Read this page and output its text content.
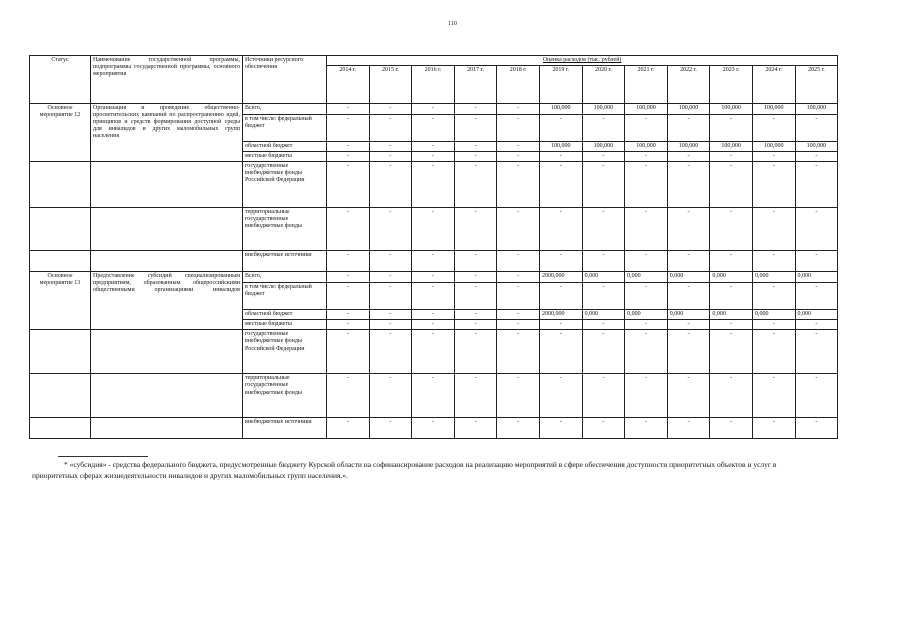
110
Статус	Наименование государственной программы, подпрограммы государственной программы, основного мероприятия	Источники ресурсного обеспечения	Оценка расходов (тыс. рублей)											
			2014 г.	2015 г.	2016 г.	2017 г.	2018 г.	2019 г.	2020 г.	2021 г.	2022 г.	2023 г.	2024 г.	2025 г.
Основное мероприятие 12	Организация и проведение общественно-просветительских кампаний по распространению идей, принципов и средств формирования доступной среды для инвалидов и других маломобильных групп населения	Всего,	-	-	-	-	-	100,000	100,000	100,000	100,000	100,000	100,000	100,000
		в том числе: федеральный бюджет	-	-	-	-	-	-	-	-	-	-	-	-
		областной бюджет	-	-	-	-	-	100,000	100,000	100,000	100,000	100,000	100,000	100,000
		местные бюджеты	-	-	-	-	-	-	-	-	-	-	-	-
		государственные внебюджетные фонды Российской Федерации	-	-	-	-	-	-	-	-	-	-	-	-
		территориальные государственные внебюджетные фонды	-	-	-	-	-	-	-	-	-	-	-	-
		внебюджетные источники	-	-	-	-	-	-	-	-	-	-	-	-
Основное мероприятие 13	Предоставление субсидий специализированным предприятиям, образованным общероссийскими общественными организациями инвалидов	Всего,	-	-	-	-	-	2000,000	0,000	0,000	0,000	0,000	0,000	0,000
		в том числе: федеральный бюджет	-	-	-	-	-	-	-	-	-	-	-	-
		областной бюджет	-	-	-	-	-	2000,000	0,000	0,000	0,000	0,000	0,000	0,000
		местные бюджеты	-	-	-	-	-	-	-	-	-	-	-	-
		государственные внебюджетные фонды Российской Федерации	-	-	-	-	-	-	-	-	-	-	-	-
		территориальные государственные внебюджетные фонды	-	-	-	-	-	-	-	-	-	-	-	-
		внебюджетные источники	-	-	-	-	-	-	-	-	-	-	-	-
* «субсидия» - средства федерального бюджета, предусмотренные бюджету Курской области на софинансирование расходов на реализацию мероприятий в сфере обеспечения доступности приоритетных объектов и услуг в приоритетных сферах жизнедеятельности инвалидов и других маломобильных групп населения.».
